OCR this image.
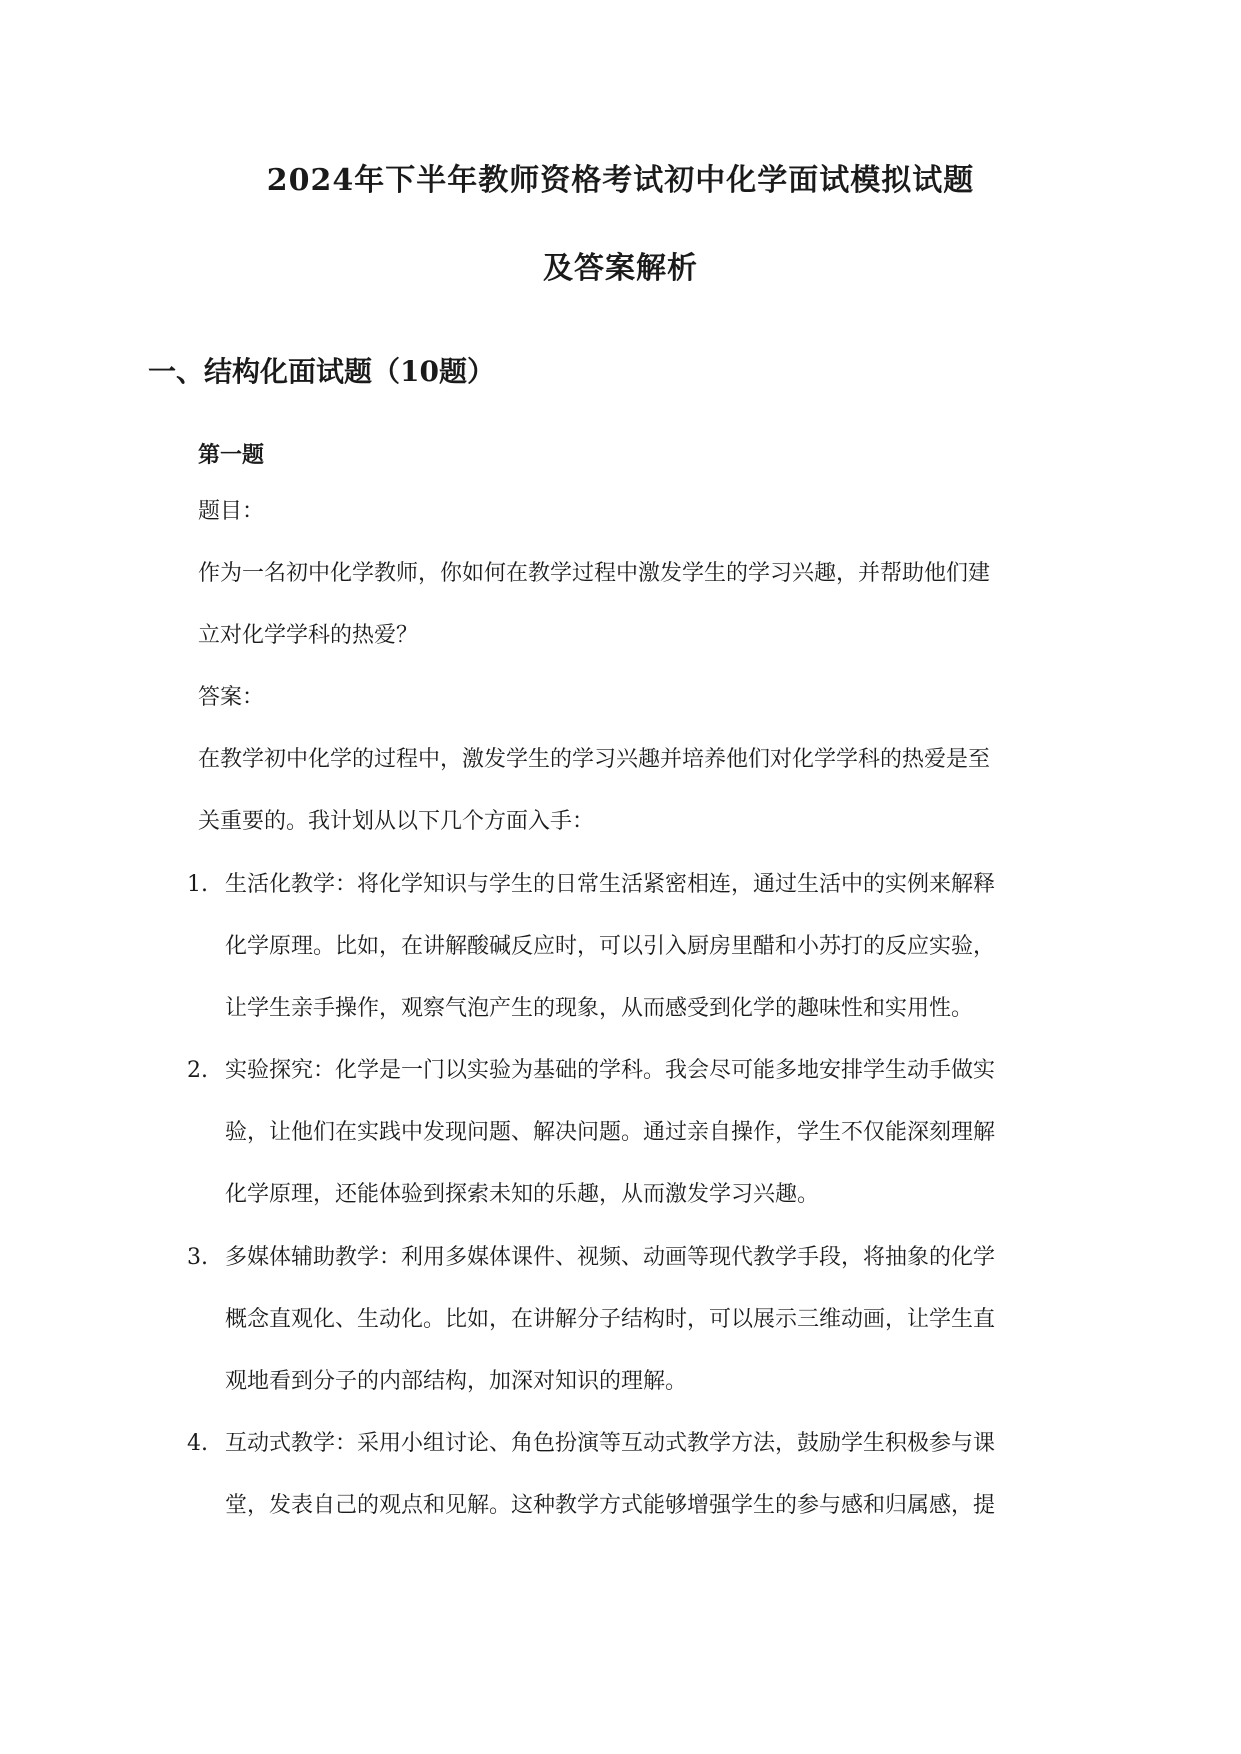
2024年下半年教师资格考试初中化学面试模拟试题
及答案解析
一、结构化面试题（10题）
第一题
题目：
作为一名初中化学教师，你如何在教学过程中激发学生的学习兴趣，并帮助他们建
立对化学学科的热爱？
答案：
在教学初中化学的过程中，激发学生的学习兴趣并培养他们对化学学科的热爱是至
关重要的。我计划从以下几个方面入手：
1. 生活化教学：将化学知识与学生的日常生活紧密相连，通过生活中的实例来解释
化学原理。比如，在讲解酸碱反应时，可以引入厨房里醋和小苏打的反应实验，
让学生亲手操作，观察气泡产生的现象，从而感受到化学的趣味性和实用性。
2. 实验探究：化学是一门以实验为基础的学科。我会尽可能多地安排学生动手做实
验，让他们在实践中发现问题、解决问题。通过亲自操作，学生不仅能深刻理解
化学原理，还能体验到探索未知的乐趣，从而激发学习兴趣。
3. 多媒体辅助教学：利用多媒体课件、视频、动画等现代教学手段，将抽象的化学
概念直观化、生动化。比如，在讲解分子结构时，可以展示三维动画，让学生直
观地看到分子的内部结构，加深对知识的理解。
4. 互动式教学：采用小组讨论、角色扮演等互动式教学方法，鼓励学生积极参与课
堂，发表自己的观点和见解。这种教学方式能够增强学生的参与感和归属感，提
